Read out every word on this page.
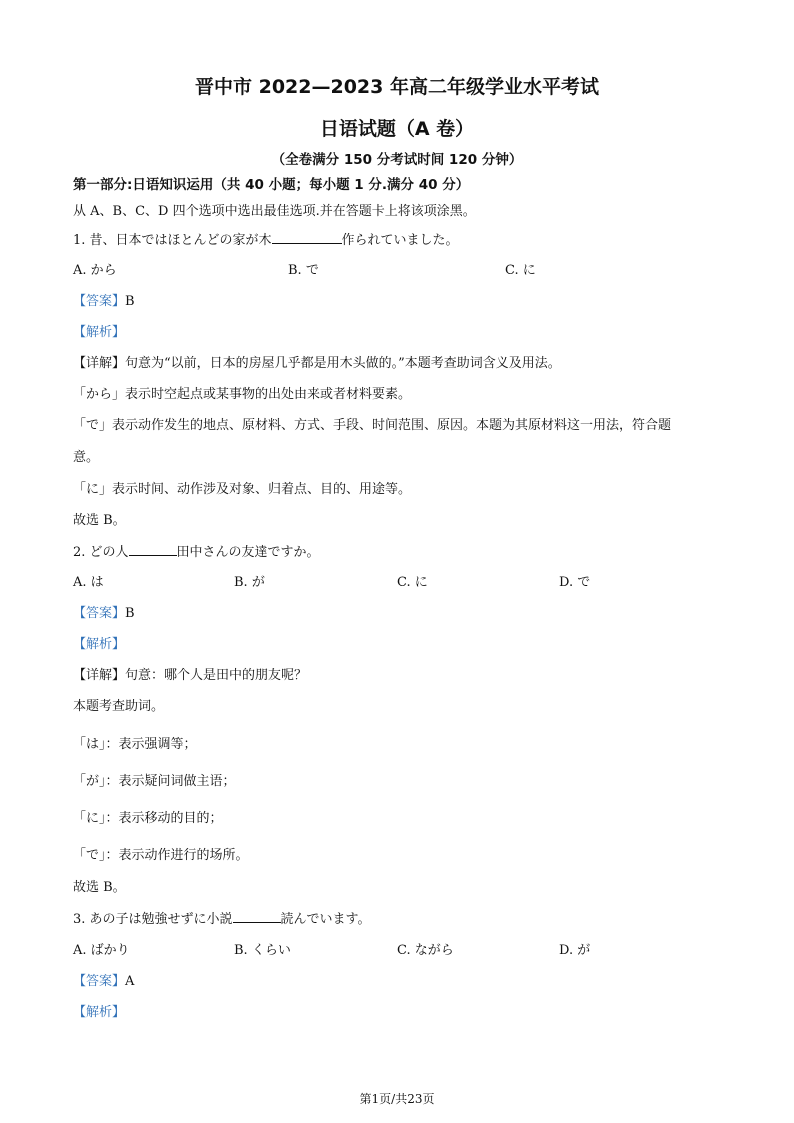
晋中市 2022—2023 年高二年级学业水平考试
日语试题（A 卷）
（全卷满分 150 分考试时间 120 分钟）
第一部分:日语知识运用（共 40 小题；每小题 1 分.满分 40 分）
从 A、B、C、D 四个选项中选出最佳选项.并在答题卡上将该项涂黑。
1. 昔、日本ではほとんどの家が木	作られていました。
A. から	B. で	C. に
【答案】B
【解析】
【详解】句意为“以前，日本的房屋几乎都是用木头做的。”本题考查助词含义及用法。
「から」表示时空起点或某事物的出处由来或者材料要素。
「で」表示动作发生的地点、原材料、方式、手段、时间范围、原因。本题为其原材料这一用法，符合题
意。
「に」表示时间、动作涉及对象、归着点、目的、用途等。
故选 B。
2. どの人	田中さんの友達ですか。
A. は	B. が	C. に	D. で
【答案】B
【解析】
【详解】句意：哪个人是田中的朋友呢？
本题考查助词。
「は」：表示强调等；
「が」：表示疑问词做主语；
「に」：表示移动的目的；
「で」：表示动作进行的场所。
故选 B。
3. あの子は勉強せずに小説	読んでいます。
A. ばかり	B. くらい	C. ながら	D. が
【答案】A
【解析】
第1页/共23页
